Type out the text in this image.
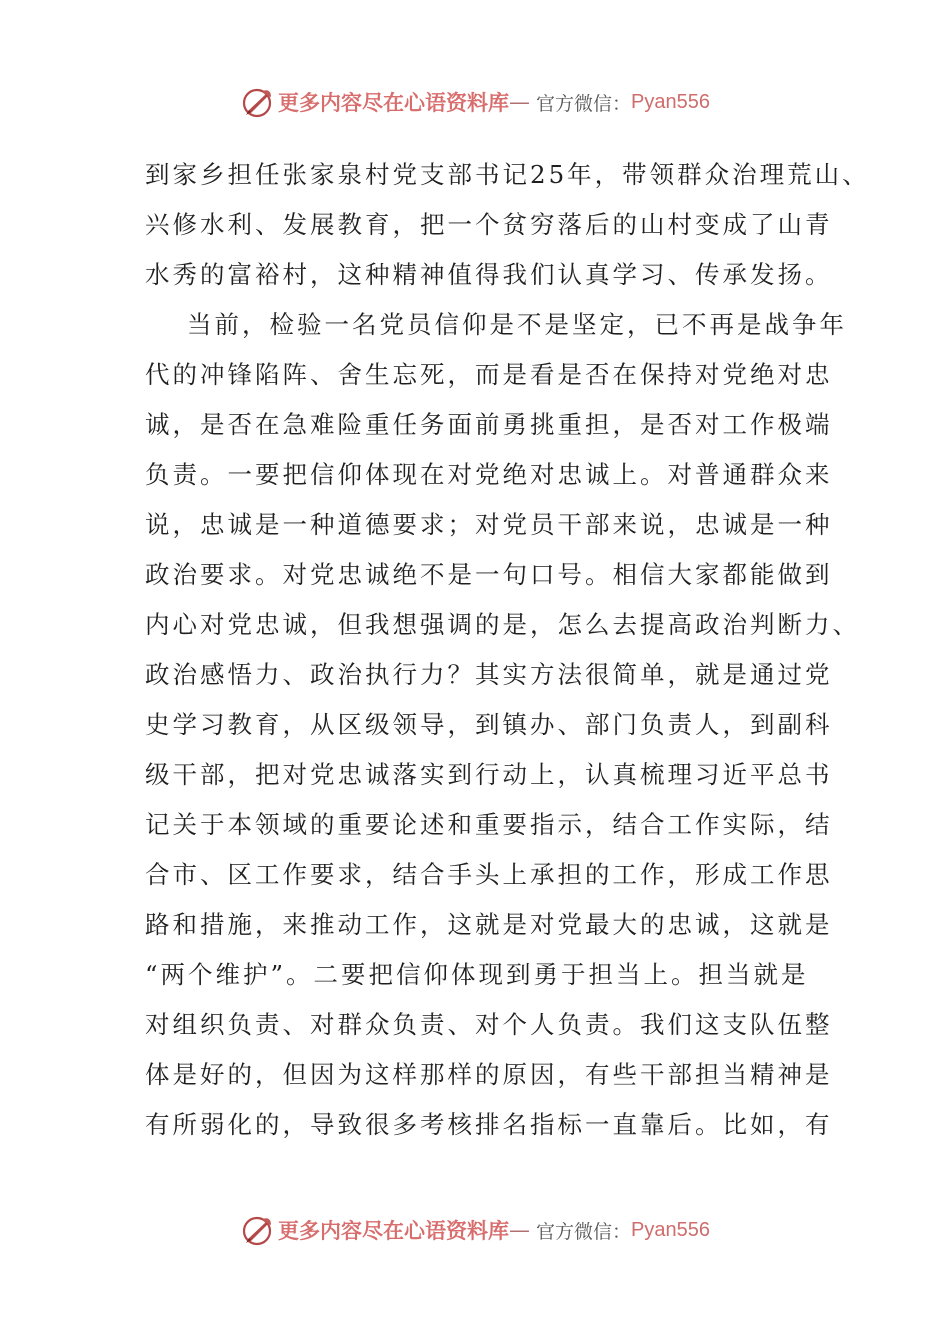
更多内容尽在心语资料库 — 官方微信： Pyan556
到家乡担任张家泉村党支部书记25年，带领群众治理荒山、
兴修水利、发展教育，把一个贫穷落后的山村变成了山青
水秀的富裕村，这种精神值得我们认真学习、传承发扬。
当前，检验一名党员信仰是不是坚定，已不再是战争年
代的冲锋陷阵、舍生忘死，而是看是否在保持对党绝对忠
诚，是否在急难险重任务面前勇挑重担，是否对工作极端
负责。一要把信仰体现在对党绝对忠诚上。对普通群众来
说，忠诚是一种道德要求；对党员干部来说，忠诚是一种
政治要求。对党忠诚绝不是一句口号。相信大家都能做到
内心对党忠诚，但我想强调的是，怎么去提高政治判断力、
政治感悟力、政治执行力？其实方法很简单，就是通过党
史学习教育，从区级领导，到镇办、部门负责人，到副科
级干部，把对党忠诚落实到行动上，认真梳理习近平总书
记关于本领域的重要论述和重要指示，结合工作实际，结
合市、区工作要求，结合手头上承担的工作，形成工作思
路和措施，来推动工作，这就是对党最大的忠诚，这就是
“两个维护”。二要把信仰体现到勇于担当上。担当就是
对组织负责、对群众负责、对个人负责。我们这支队伍整
体是好的，但因为这样那样的原因，有些干部担当精神是
有所弱化的，导致很多考核排名指标一直靠后。比如，有
更多内容尽在心语资料库 — 官方微信： Pyan556
